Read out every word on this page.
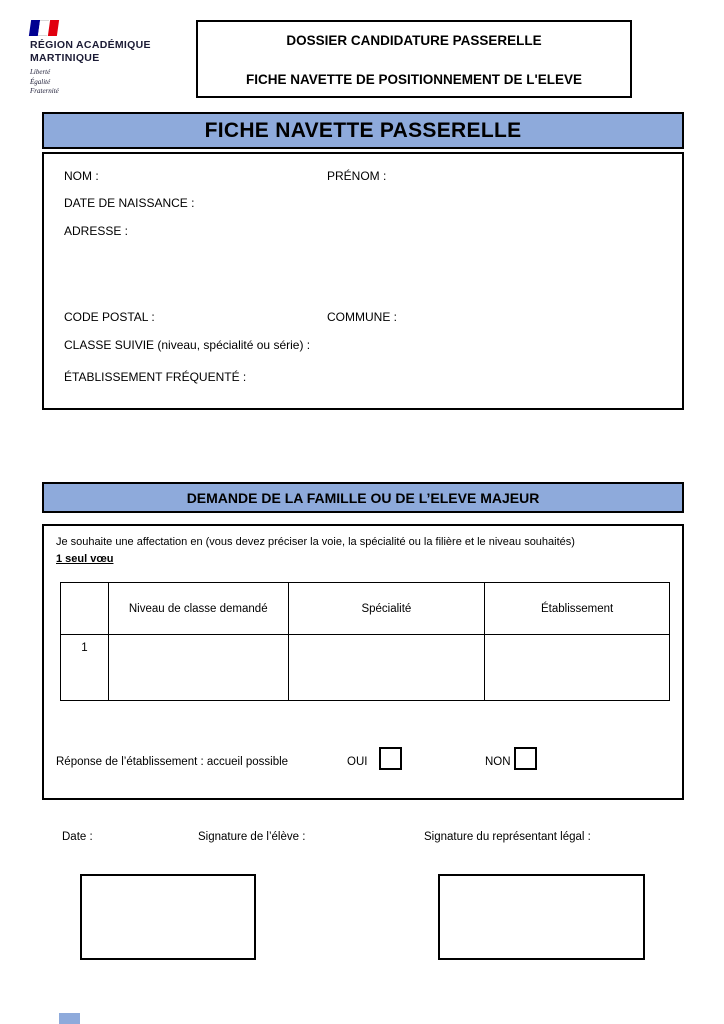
RÉGION ACADÉMIQUE
MARTINIQUE
Liberté
Égalité
Fraternité
DOSSIER CANDIDATURE PASSERELLE
FICHE NAVETTE DE POSITIONNEMENT DE L'ELEVE
FICHE NAVETTE PASSERELLE
NOM :	PRÉNOM :
DATE DE NAISSANCE :
ADRESSE :
CODE POSTAL :	COMMUNE :
CLASSE SUIVIE (niveau, spécialité ou série) :
ÉTABLISSEMENT FRÉQUENTÉ :
DEMANDE DE LA FAMILLE OU DE L’ELEVE MAJEUR
Je souhaite une affectation en (vous devez préciser la voie, la spécialité ou la filière et le niveau souhaités)
1 seul vœu
	Niveau de classe demandé	Spécialité	Établissement
1			
Réponse de l’établissement : accueil possible	OUI	NON
Date :	Signature de l’élève :	Signature du représentant légal :
